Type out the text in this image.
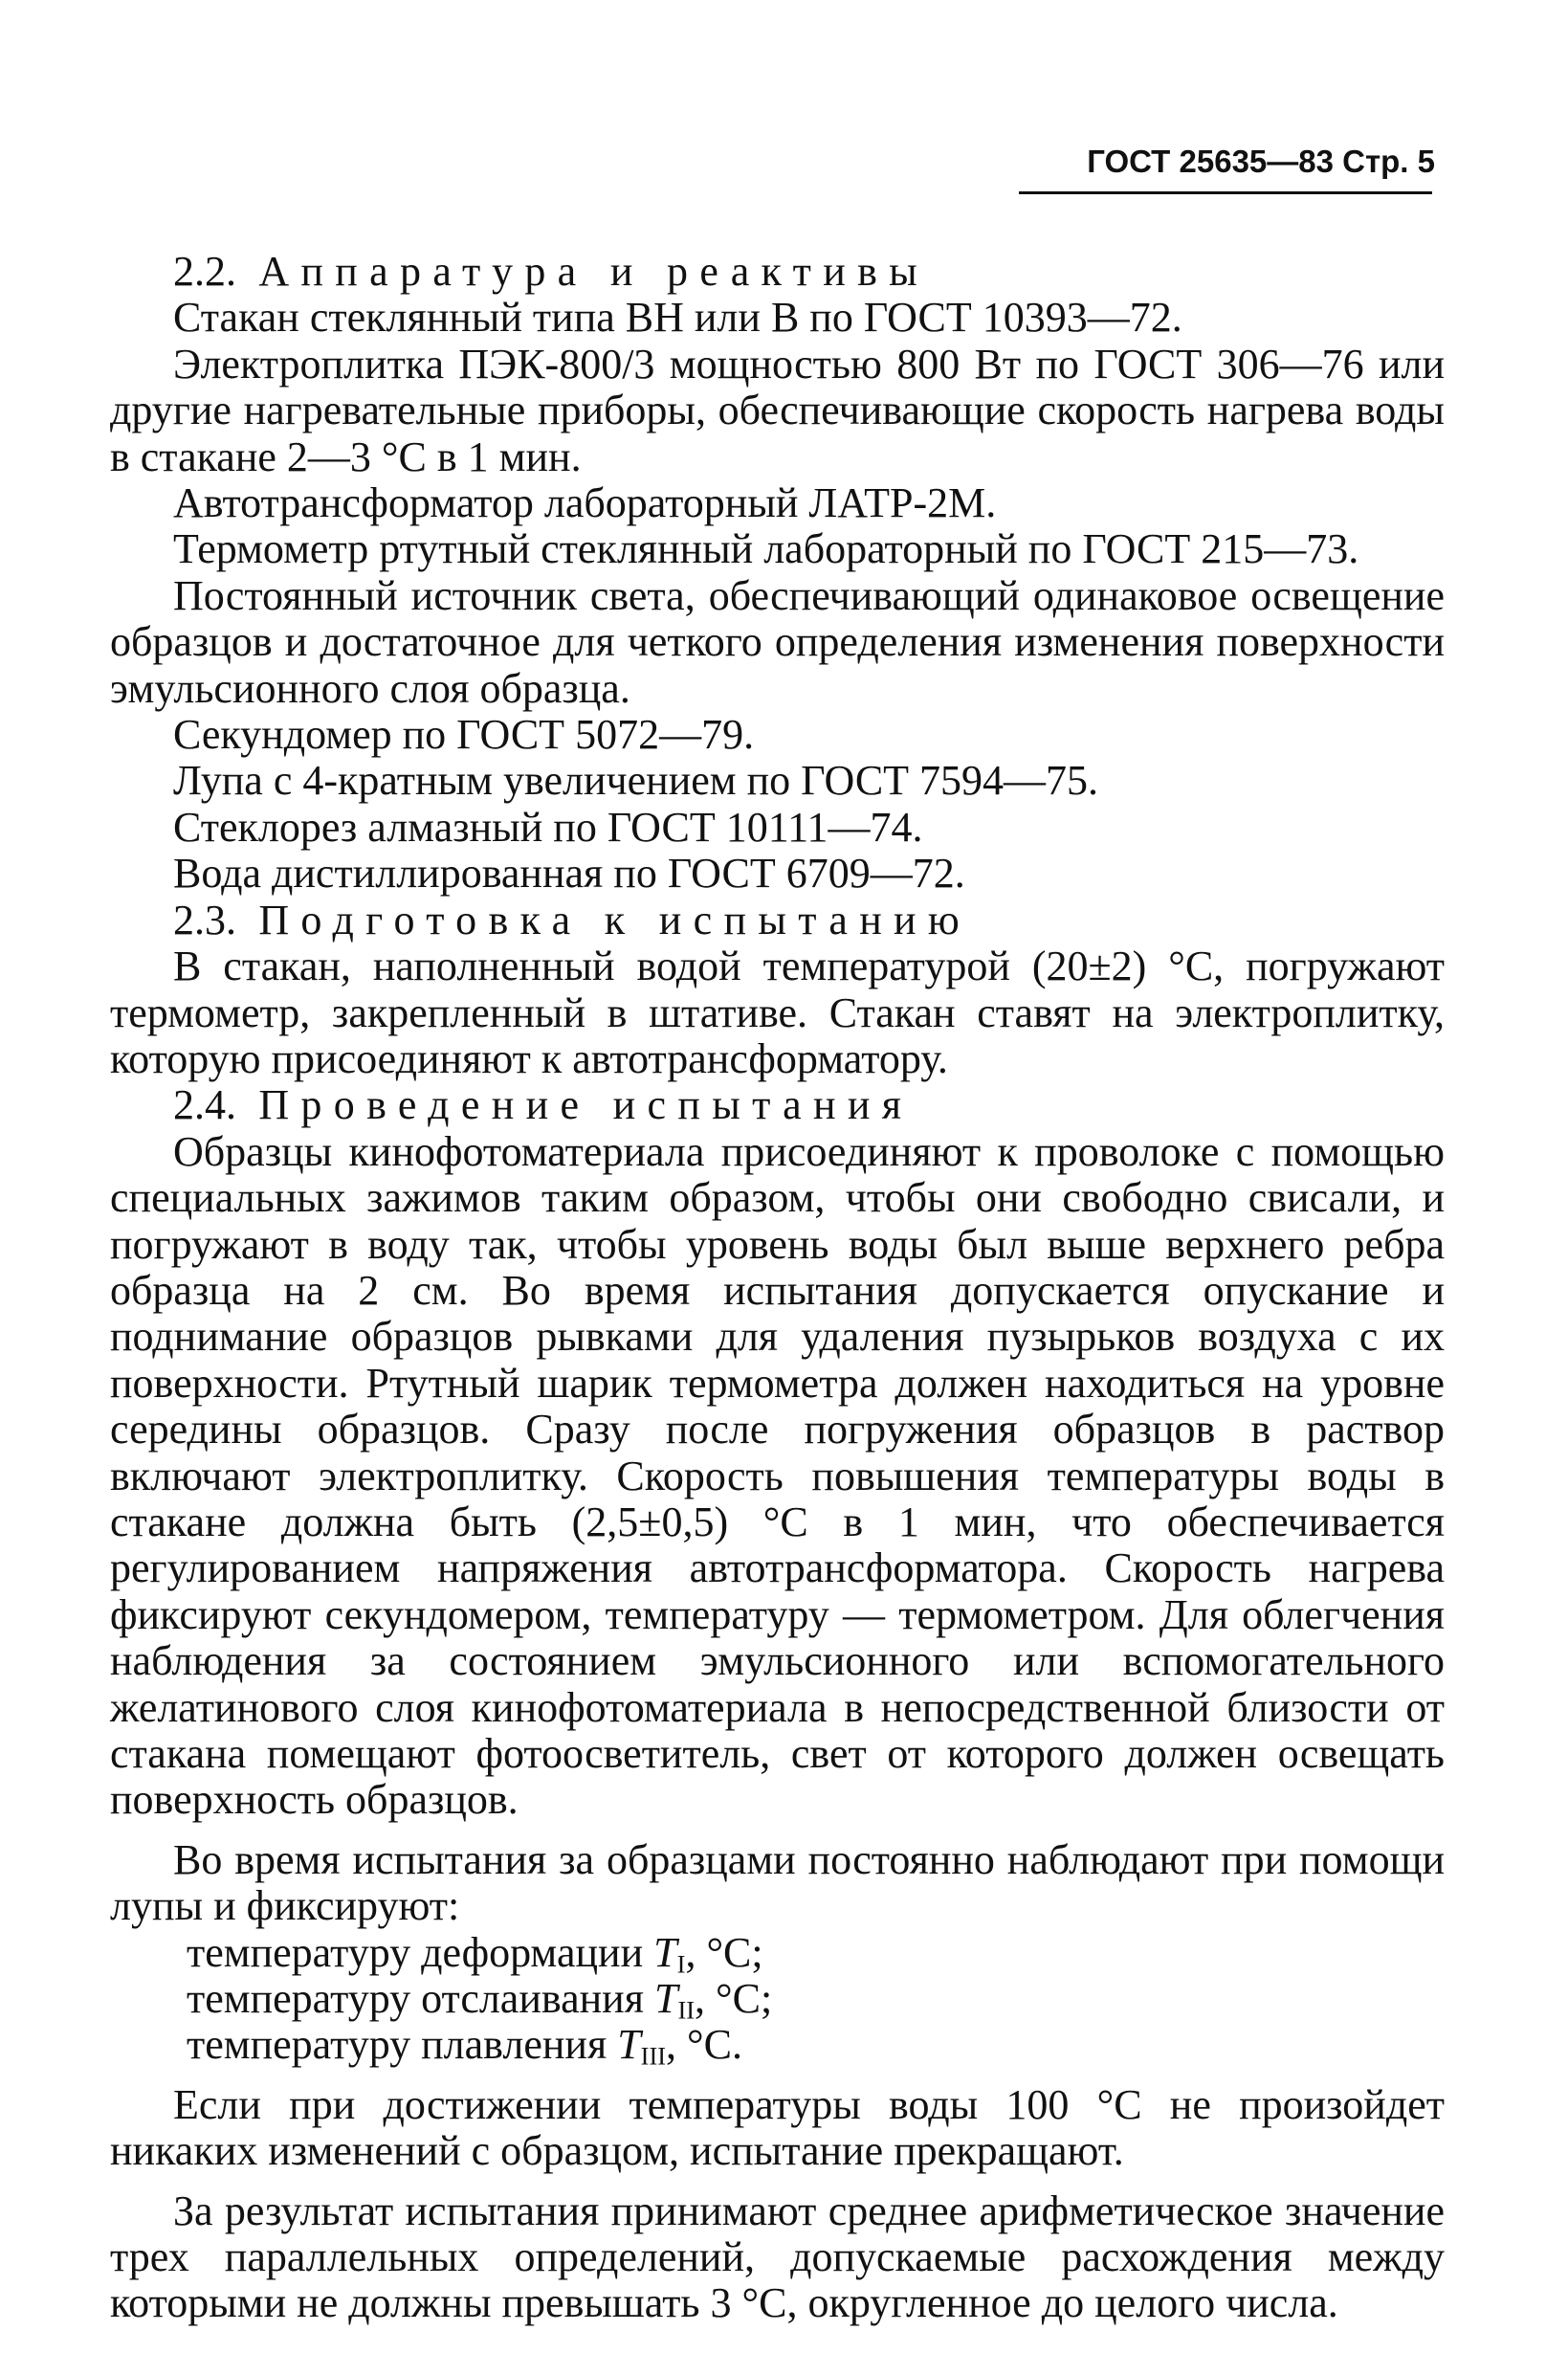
ГОСТ 25635—83 Стр. 5

2.2. Аппаратура и реактивы

Стакан стеклянный типа ВН или В по ГОСТ 10393—72.

Электроплитка ПЭК-800/3 мощностью 800 Вт по ГОСТ 306—76 или другие нагревательные приборы, обеспечивающие скорость нагрева воды в стакане 2—3 °С в 1 мин.

Автотрансформатор лабораторный ЛАТР-2М.

Термометр ртутный стеклянный лабораторный по ГОСТ 215—73.

Постоянный источник света, обеспечивающий одинаковое освещение образцов и достаточное для четкого определения изменения поверхности эмульсионного слоя образца.

Секундомер по ГОСТ 5072—79.

Лупа с 4-кратным увеличением по ГОСТ 7594—75.

Стеклорез алмазный по ГОСТ 10111—74.

Вода дистиллированная по ГОСТ 6709—72.

2.3. Подготовка к испытанию

В стакан, наполненный водой температурой (20±2) °С, погружают термометр, закрепленный в штативе. Стакан ставят на электроплитку, которую присоединяют к автотрансформатору.

2.4. Проведение испытания

Образцы кинофотоматериала присоединяют к проволоке с помощью специальных зажимов таким образом, чтобы они свободно свисали, и погружают в воду так, чтобы уровень воды был выше верхнего ребра образца на 2 см. Во время испытания допускается опускание и поднимание образцов рывками для удаления пузырьков воздуха с их поверхности. Ртутный шарик термометра должен находиться на уровне середины образцов. Сразу после погружения образцов в раствор включают электроплитку. Скорость повышения температуры воды в стакане должна быть (2,5±0,5) °С в 1 мин, что обеспечивается регулированием напряжения автотрансформатора. Скорость нагрева фиксируют секундомером, температуру — термометром. Для облегчения наблюдения за состоянием эмульсионного или вспомогательного желатинового слоя кинофотоматериала в непосредственной близости от стакана помещают фотоосветитель, свет от которого должен освещать поверхность образцов.

Во время испытания за образцами постоянно наблюдают при помощи лупы и фиксируют:

температуру деформации $T_I$, °С;
температуру отслаивания $T_{II}$, °С;
температуру плавления $T_{III}$, °С.

Если при достижении температуры воды 100 °С не произойдет никаких изменений с образцом, испытание прекращают.

За результат испытания принимают среднее арифметическое значение трех параллельных определений, допускаемые расхождения между которыми не должны превышать 3 °С, округленное до целого числа.
